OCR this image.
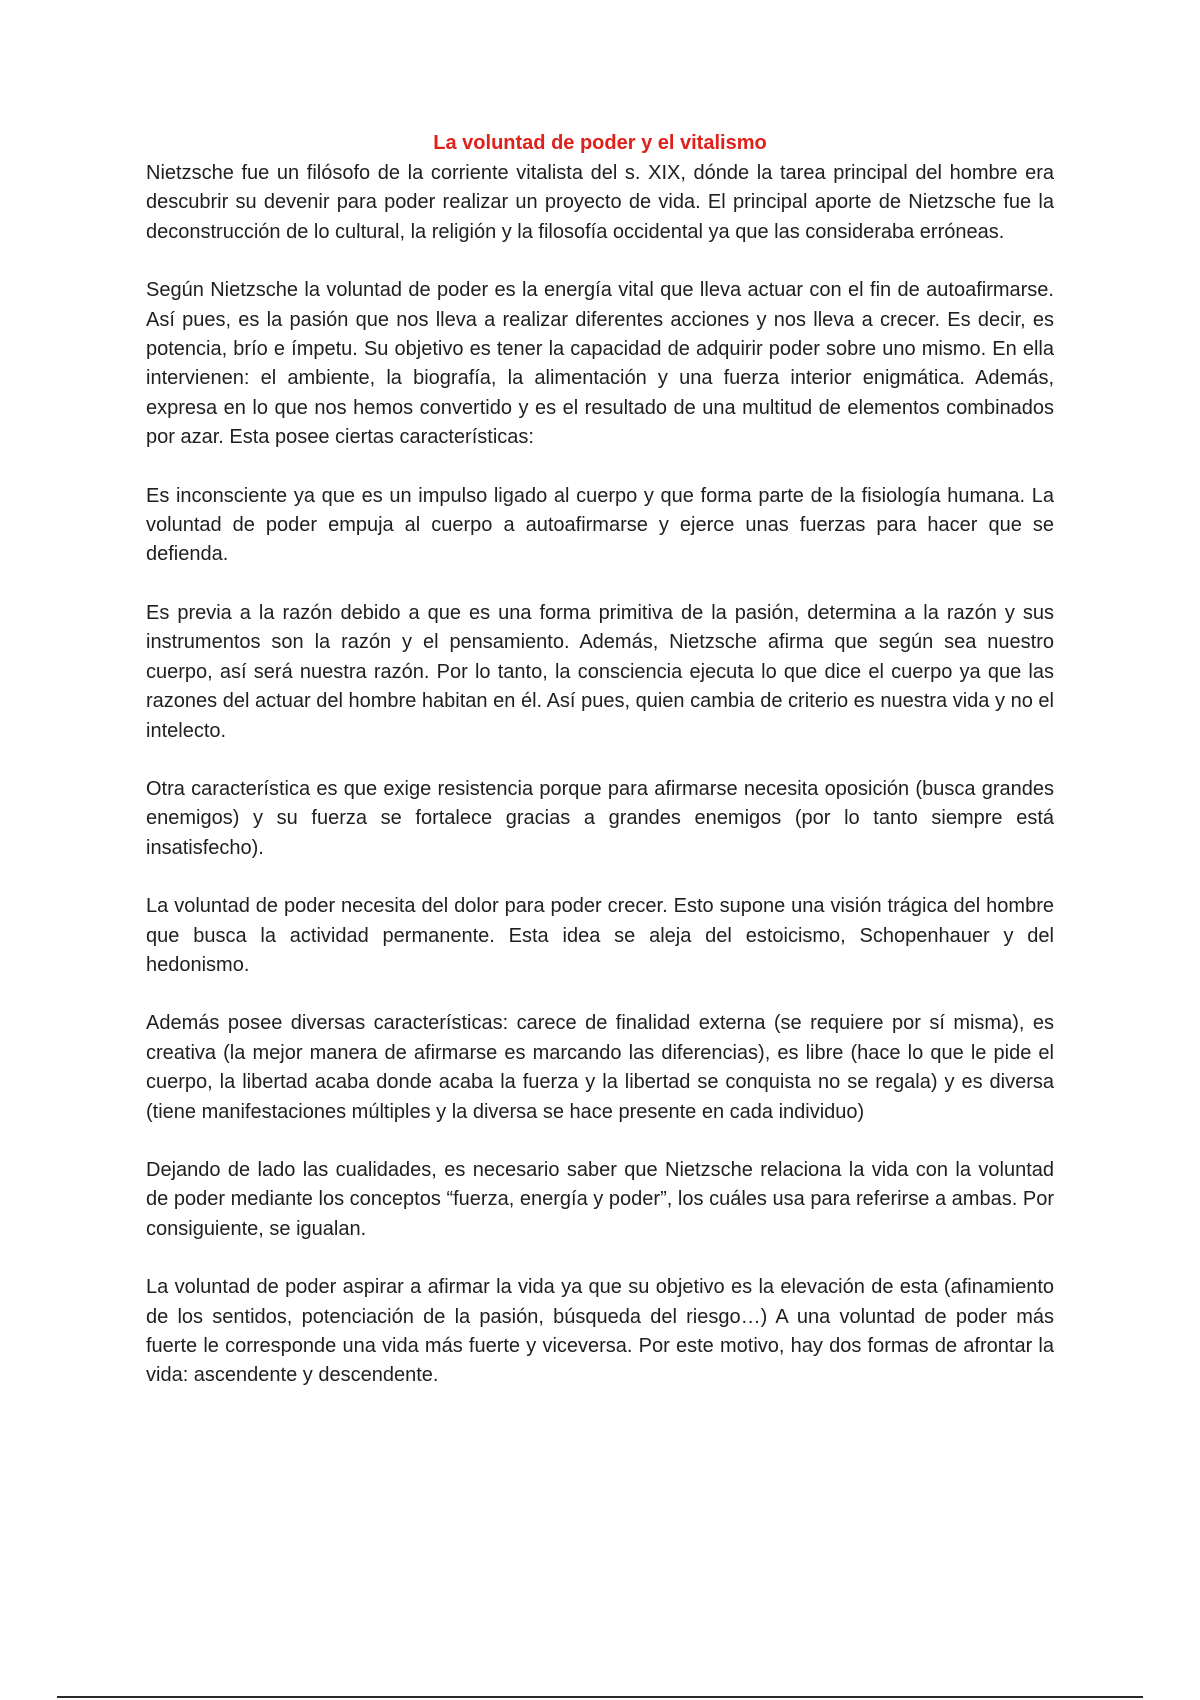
La voluntad de poder y el vitalismo

Nietzsche fue un filósofo de la corriente vitalista del s. XIX, dónde la tarea principal del hombre era descubrir su devenir para poder realizar un proyecto de vida. El principal aporte de Nietzsche fue la deconstrucción de lo cultural, la religión y la filosofía occidental ya que las consideraba erróneas.

Según Nietzsche la voluntad de poder es la energía vital que lleva actuar con el fin de autoafirmarse. Así pues, es la pasión que nos lleva a realizar diferentes acciones y nos lleva a crecer. Es decir, es potencia, brío e ímpetu. Su objetivo es tener la capacidad de adquirir poder sobre uno mismo. En ella intervienen: el ambiente, la biografía, la alimentación y una fuerza interior enigmática. Además, expresa en lo que nos hemos convertido y es el resultado de una multitud de elementos combinados por azar. Esta posee ciertas características:

Es inconsciente ya que es un impulso ligado al cuerpo y que forma parte de la fisiología humana. La voluntad de poder empuja al cuerpo a autoafirmarse y ejerce unas fuerzas para hacer que se defienda.

Es previa a la razón debido a que es una forma primitiva de la pasión, determina a la razón y sus instrumentos son la razón y el pensamiento. Además, Nietzsche afirma que según sea nuestro cuerpo, así será nuestra razón. Por lo tanto, la consciencia ejecuta lo que dice el cuerpo ya que las razones del actuar del hombre habitan en él. Así pues, quien cambia de criterio es nuestra vida y no el intelecto.

Otra característica es que exige resistencia porque para afirmarse necesita oposición (busca grandes enemigos) y su fuerza se fortalece gracias a grandes enemigos (por lo tanto siempre está insatisfecho).

La voluntad de poder necesita del dolor para poder crecer. Esto supone una visión trágica del hombre que busca la actividad permanente. Esta idea se aleja del estoicismo, Schopenhauer y del hedonismo.

Además posee diversas características: carece de finalidad externa (se requiere por sí misma), es creativa (la mejor manera de afirmarse es marcando las diferencias), es libre (hace lo que le pide el cuerpo, la libertad acaba donde acaba la fuerza y la libertad se conquista no se regala) y es diversa (tiene manifestaciones múltiples y la diversa se hace presente en cada individuo)

Dejando de lado las cualidades, es necesario saber que Nietzsche relaciona la vida con la voluntad de poder mediante los conceptos “fuerza, energía y poder”, los cuáles usa para referirse a ambas. Por consiguiente, se igualan.

La voluntad de poder aspirar a afirmar la vida ya que su objetivo es la elevación de esta (afinamiento de los sentidos, potenciación de la pasión, búsqueda del riesgo…) A una voluntad de poder más fuerte le corresponde una vida más fuerte y viceversa. Por este motivo, hay dos formas de afrontar la vida: ascendente y descendente.
